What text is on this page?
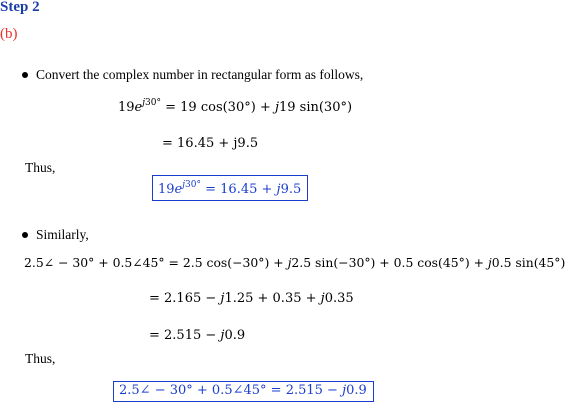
Step 2
(b)
Convert the complex number in rectangular form as follows,
$19e^{j30^\circ} = 19$ cos(30°) + j19 sin(30°)
= 16.45 + j9.5
Thus,
$19e^{j30^\circ} = 16.45 + j9.5$
Similarly,
2.5∠ − 30° + 0.5∠45° = 2.5 cos(−30°) + j2.5 sin(−30°) + 0.5 cos(45°) + j0.5 sin(45°)
= 2.165 − j1.25 + 0.35 + j0.35
= 2.515 − j0.9
Thus,
2.5∠ − 30° + 0.5∠45° = 2.515 − j0.9
